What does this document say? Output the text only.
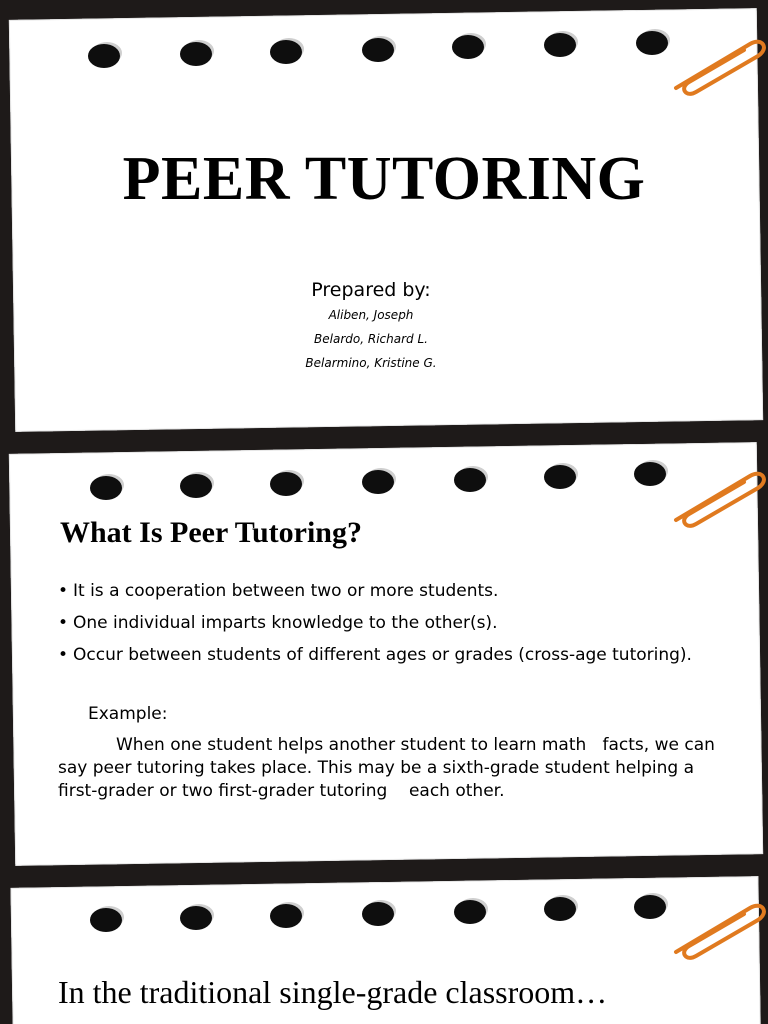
PEER TUTORING
Prepared by:
Aliben, Joseph
Belardo, Richard L.
Belarmino, Kristine G.
What Is Peer Tutoring?
• It is a cooperation between two or more students.
• One individual imparts knowledge to the other(s).
• Occur between students of different ages or grades (cross-age tutoring).
Example:
When one student helps another student to learn math   facts, we can say peer tutoring takes place. This may be a sixth-grade student helping a first-grader or two first-grader tutoring    each other.
In the traditional single-grade classroom…
